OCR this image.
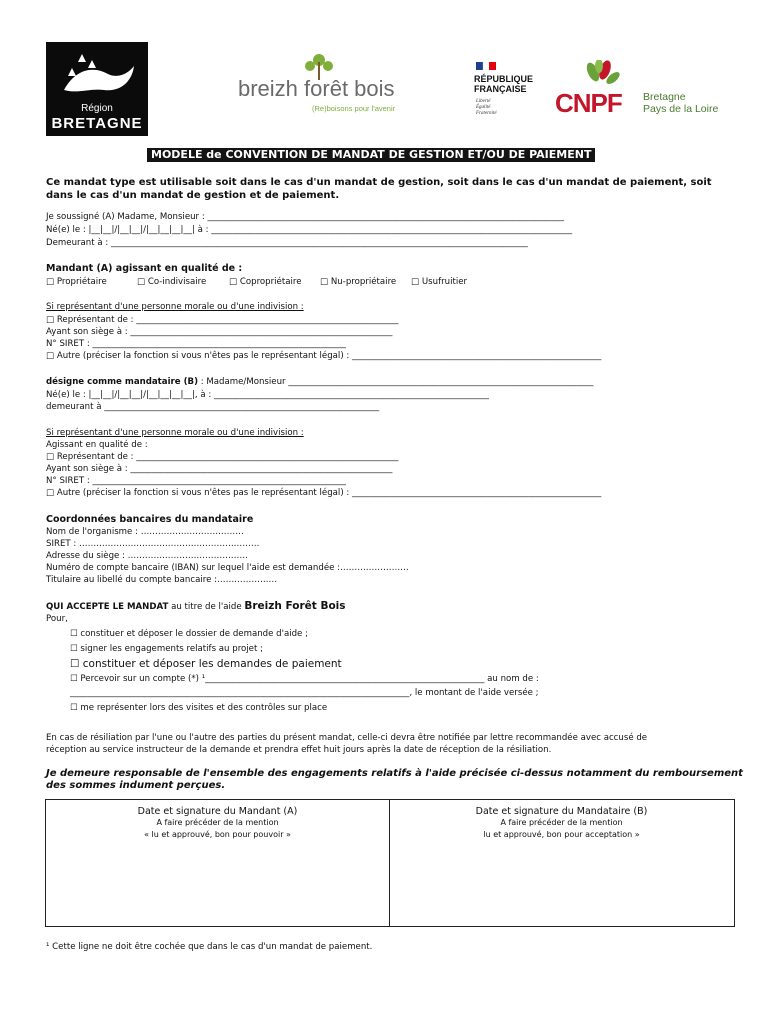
Région
BRETAGNE
breizh forêt bois
(Re)boisons pour l'avenir
RÉPUBLIQUE
FRANÇAISE
Liberté
Égalité
Fraternité CNPF Bretagne
Pays de la Loire
MODELE de CONVENTION DE MANDAT DE GESTION ET/OU DE PAIEMENT
Ce mandat type est utilisable soit dans le cas d'un mandat de gestion, soit dans le cas d'un mandat de paiement, soit dans le cas d'un mandat de gestion et de paiement.
Je soussigné (A) Madame, Monsieur : ___________________________________________________________________________________
Né(e) le : |__|__|/|__|__|/|__|__|__|__| à : ____________________________________________________________________________________
Demeurant à : _________________________________________________________________________________________________
Mandant (A) agissant en qualité de :
□ Propriétaire	□ Co-indivisaire	□ Copropriétaire □ Nu-propriétaire □ Usufruitier
Si représentant d'une personne morale ou d'une indivision :
□ Représentant de : _____________________________________________________________
Ayant son siège à : _____________________________________________________________
N° SIRET : ___________________________________________________________
□ Autre (préciser la fonction si vous n'êtes pas le représentant légal) : __________________________________________________________
désigne comme mandataire (B) : Madame/Monsieur _______________________________________________________________________
Né(e) le : |__|__|/|__|__|/|__|__|__|__|, à : ________________________________________________________________
demeurant à ________________________________________________________________
Si représentant d'une personne morale ou d'une indivision :
Agissant en qualité de :
□ Représentant de : _____________________________________________________________
Ayant son siège à : _____________________________________________________________
N° SIRET : ___________________________________________________________
□ Autre (préciser la fonction si vous n'êtes pas le représentant légal) : __________________________________________________________
Coordonnées bancaires du mandataire
Nom de l'organisme : ………………………………
SIRET : ………………………………………………………
Adresse du siège : ……………………………………
Numéro de compte bancaire (IBAN) sur lequel l'aide est demandée :……………………
Titulaire au libellé du compte bancaire :…………………
QUI ACCEPTE LE MANDAT au titre de l'aide Breizh Forêt Bois
Pour,
☐ constituer et déposer le dossier de demande d'aide ;
☐ signer les engagements relatifs au projet ;
☐ constituer et déposer les demandes de paiement
☐ Percevoir sur un compte (*) ¹_________________________________________________________________ au nom de :
_______________________________________________________________________________, le montant de l'aide versée ;
☐ me représenter lors des visites et des contrôles sur place
En cas de résiliation par l'une ou l'autre des parties du présent mandat, celle-ci devra être notifiée par lettre recommandée avec accusé de
réception au service instructeur de la demande et prendra effet huit jours après la date de réception de la résiliation.
Je demeure responsable de l'ensemble des engagements relatifs à l'aide précisée ci-dessus notamment du remboursement
des sommes indument perçues.
Date et signature du Mandant (A)
A faire précéder de la mention
« lu et approuvé, bon pour pouvoir »
Date et signature du Mandataire (B)
A faire précéder de la mention
lu et approuvé, bon pour acceptation »
¹ Cette ligne ne doit être cochée que dans le cas d'un mandat de paiement.
